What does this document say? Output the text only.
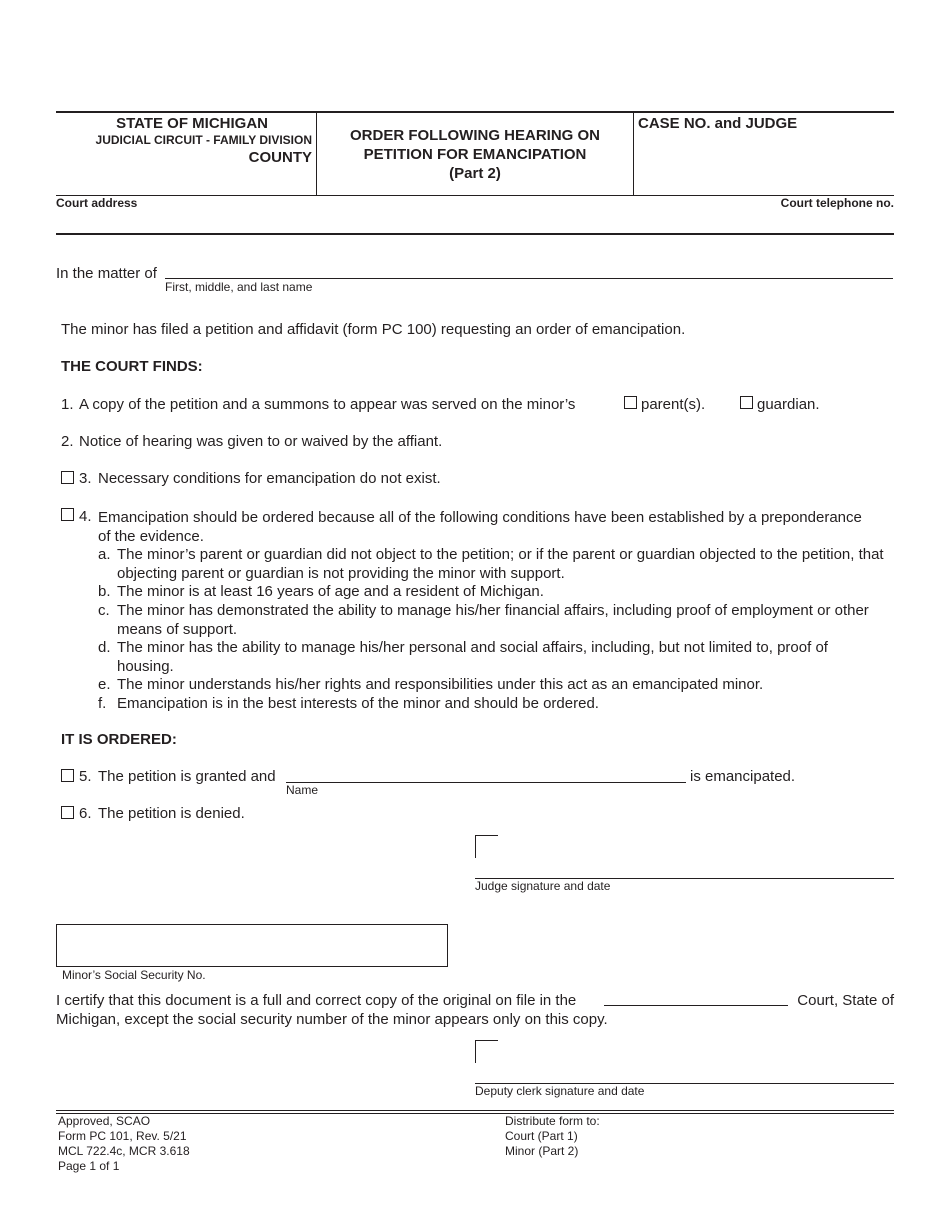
STATE OF MICHIGAN
JUDICIAL CIRCUIT - FAMILY DIVISION
COUNTY
ORDER FOLLOWING HEARING ON
PETITION FOR EMANCIPATION
(Part 2)
CASE NO. and JUDGE
Court address	Court telephone no.
In the matter of
First, middle, and last name
The minor has filed a petition and affidavit (form PC 100) requesting an order of emancipation.
THE COURT FINDS:
1. A copy of the petition and a summons to appear was served on the minor’s	parent(s).	guardian.
2. Notice of hearing was given to or waived by the affiant.
3. Necessary conditions for emancipation do not exist.
4. Emancipation should be ordered because all of the following conditions have been established by a preponderance
of the evidence.
a. The minor’s parent or guardian did not object to the petition; or if the parent or guardian objected to the petition, that objecting parent or guardian is not providing the minor with support.
b. The minor is at least 16 years of age and a resident of Michigan.
c. The minor has demonstrated the ability to manage his/her financial affairs, including proof of employment or other means of support.
d. The minor has the ability to manage his/her personal and social affairs, including, but not limited to, proof of housing.
e. The minor understands his/her rights and responsibilities under this act as an emancipated minor.
f. Emancipation is in the best interests of the minor and should be ordered.
IT IS ORDERED:
5. The petition is granted and
Name
is emancipated.
6. The petition is denied.
Judge signature and date
Minor’s Social Security No.
I certify that this document is a full and correct copy of the original on file in the	Court, State of
Michigan, except the social security number of the minor appears only on this copy.
Deputy clerk signature and date
Approved, SCAO
Form PC 101, Rev. 5/21
MCL 722.4c, MCR 3.618
Page 1 of 1
Distribute form to:
Court (Part 1)
Minor (Part 2)
